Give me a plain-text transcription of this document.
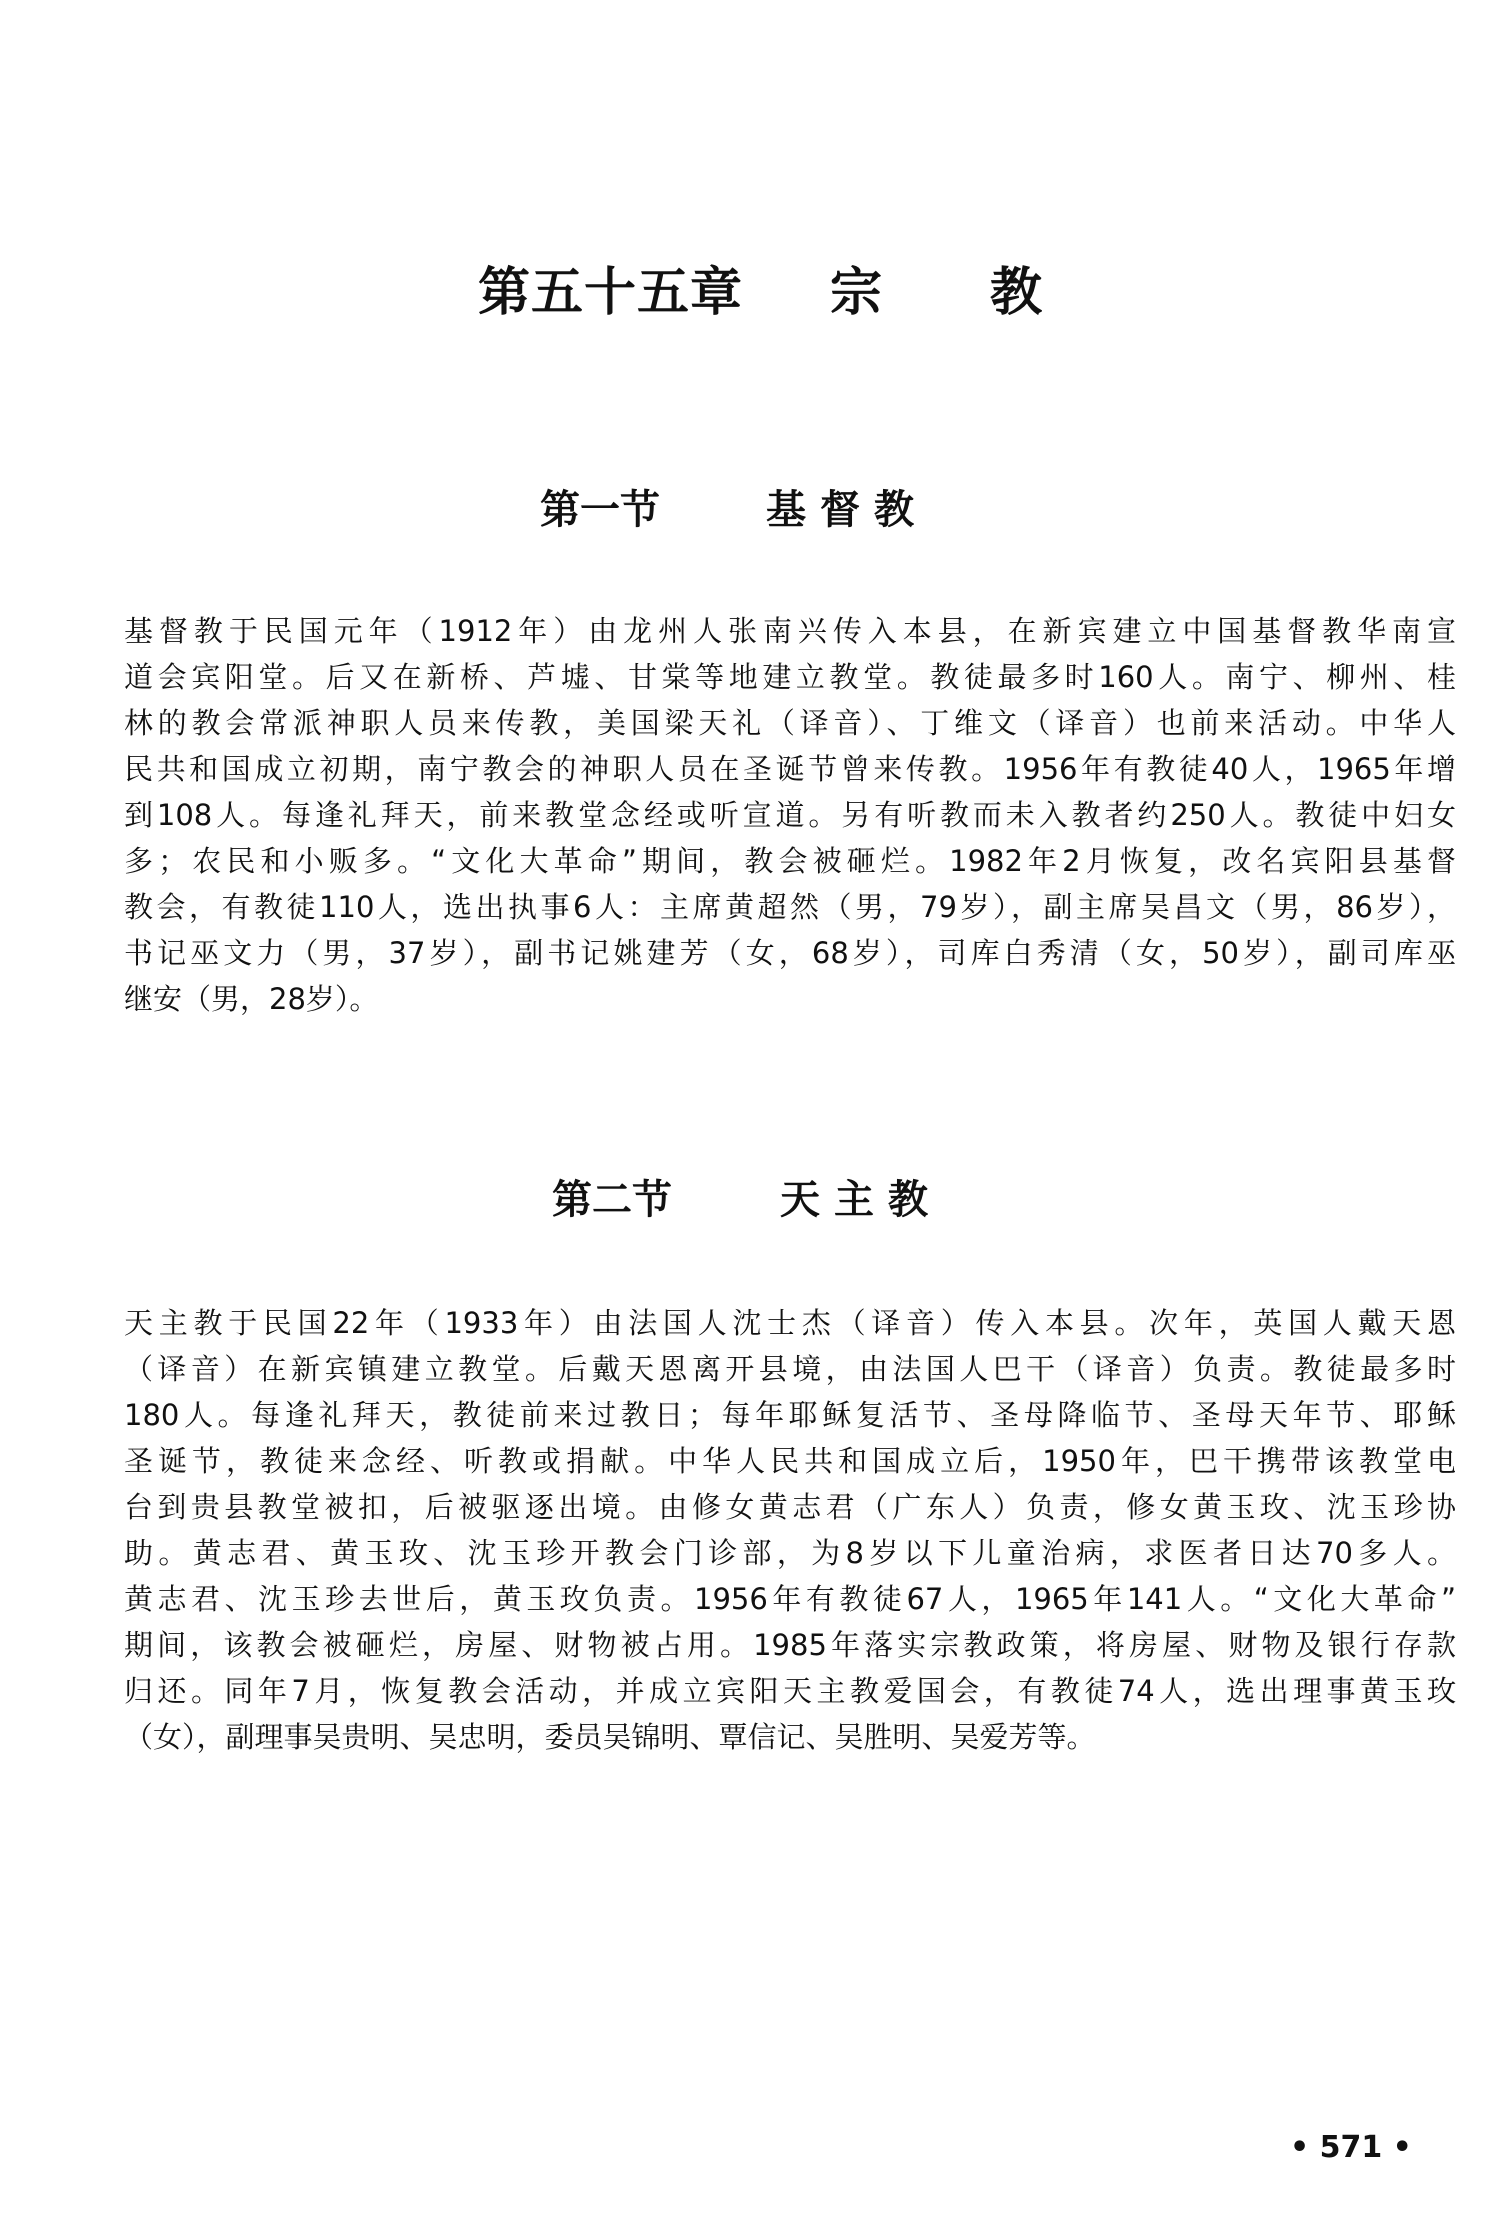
第五十五章 宗 教
第一节	基督教
基督教于民国元年（1912年）由龙州人张南兴传入本县，在新宾建立中国基督教华南宣
道会宾阳堂。后又在新桥、芦墟、甘棠等地建立教堂。教徒最多时160人。南宁、柳州、桂
林的教会常派神职人员来传教，美国梁天礼（译音）、丁维文（译音）也前来活动。中华人
民共和国成立初期，南宁教会的神职人员在圣诞节曾来传教。1956年有教徒40人，1965年增
到108人。每逢礼拜天，前来教堂念经或听宣道。另有听教而未入教者约250人。教徒中妇女
多；农民和小贩多。“文化大革命”期间，教会被砸烂。1982年2月恢复，改名宾阳县基督
教会，有教徒110人，选出执事6人：主席黄超然（男，79岁），副主席吴昌文（男，86岁），
书记巫文力（男，37岁），副书记姚建芳（女，68岁），司库白秀清（女，50岁），副司库巫
继安（男，28岁）。
第二节	天主教
天主教于民国22年（1933年）由法国人沈士杰（译音）传入本县。次年，英国人戴天恩
（译音）在新宾镇建立教堂。后戴天恩离开县境，由法国人巴干（译音）负责。教徒最多时
180人。每逢礼拜天，教徒前来过教日；每年耶稣复活节、圣母降临节、圣母天年节、耶稣
圣诞节，教徒来念经、听教或捐献。中华人民共和国成立后，1950年，巴干携带该教堂电
台到贵县教堂被扣，后被驱逐出境。由修女黄志君（广东人）负责，修女黄玉玫、沈玉珍协
助。黄志君、黄玉玫、沈玉珍开教会门诊部，为8岁以下儿童治病，求医者日达70多人。
黄志君、沈玉珍去世后，黄玉玫负责。1956年有教徒67人，1965年141人。“文化大革命”
期间，该教会被砸烂，房屋、财物被占用。1985年落实宗教政策，将房屋、财物及银行存款
归还。同年7月，恢复教会活动，并成立宾阳天主教爱国会，有教徒74人，选出理事黄玉玫
（女），副理事吴贵明、吴忠明，委员吴锦明、覃信记、吴胜明、吴爱芳等。
• 571 •
